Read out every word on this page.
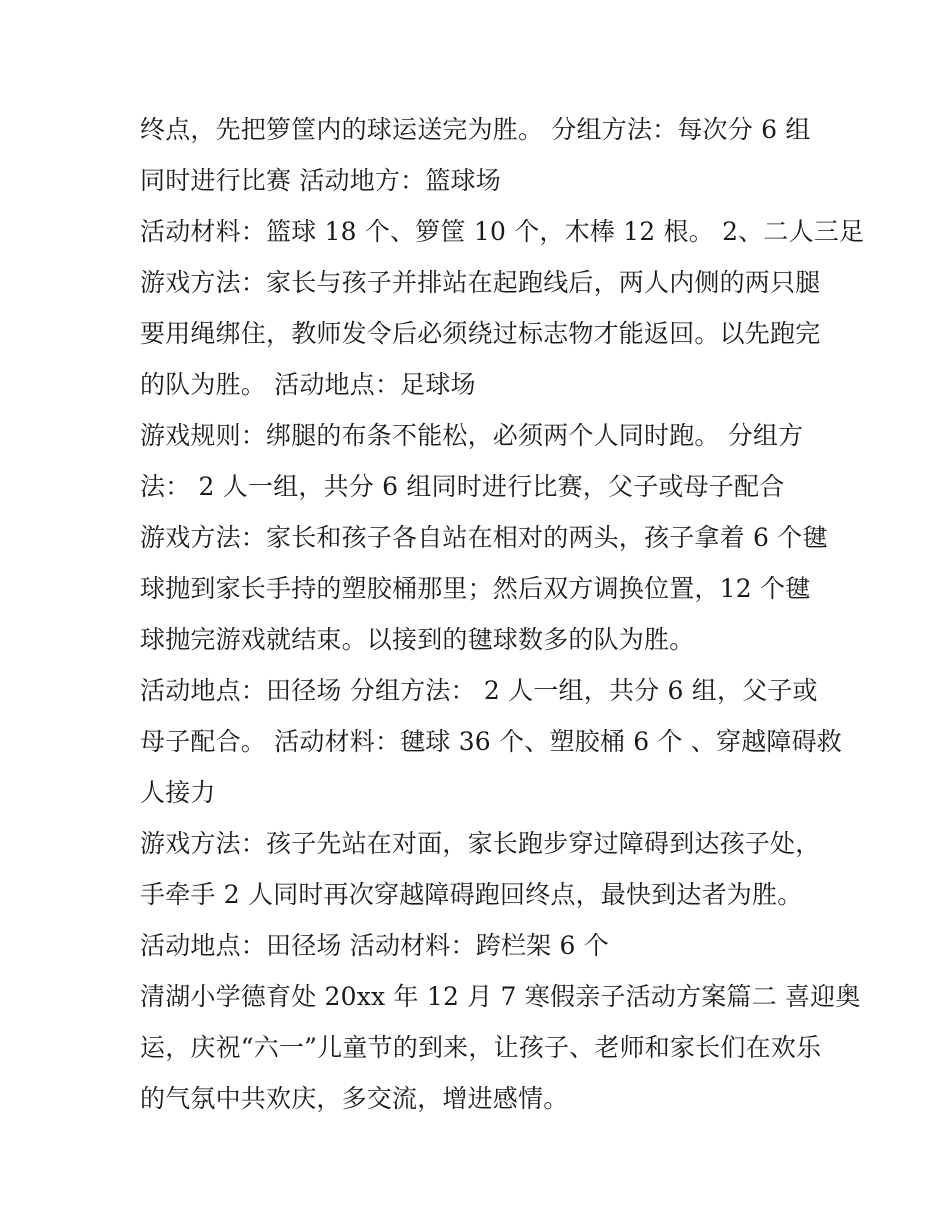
终点，先把箩筐内的球运送完为胜。 分组方法：每次分 6 组
同时进行比赛 活动地方：篮球场
活动材料：篮球 18 个、箩筐 10 个，木棒 12 根。 2、二人三足
游戏方法：家长与孩子并排站在起跑线后，两人内侧的两只腿
要用绳绑住，教师发令后必须绕过标志物才能返回。以先跑完
的队为胜。 活动地点：足球场
游戏规则：绑腿的布条不能松，必须两个人同时跑。 分组方
法： 2 人一组，共分 6 组同时进行比赛，父子或母子配合
游戏方法：家长和孩子各自站在相对的两头，孩子拿着 6 个毽
球抛到家长手持的塑胶桶那里；然后双方调换位置，12 个毽
球抛完游戏就结束。以接到的毽球数多的队为胜。
活动地点：田径场 分组方法： 2 人一组，共分 6 组，父子或
母子配合。 活动材料：毽球 36 个、塑胶桶 6 个 、穿越障碍救
人接力
游戏方法：孩子先站在对面，家长跑步穿过障碍到达孩子处，
手牵手 2 人同时再次穿越障碍跑回终点，最快到达者为胜。
活动地点：田径场 活动材料：跨栏架 6 个
清湖小学德育处 20xx 年 12 月 7 寒假亲子活动方案篇二 喜迎奥
运，庆祝“六一”儿童节的到来，让孩子、老师和家长们在欢乐
的气氛中共欢庆，多交流，增进感情。
